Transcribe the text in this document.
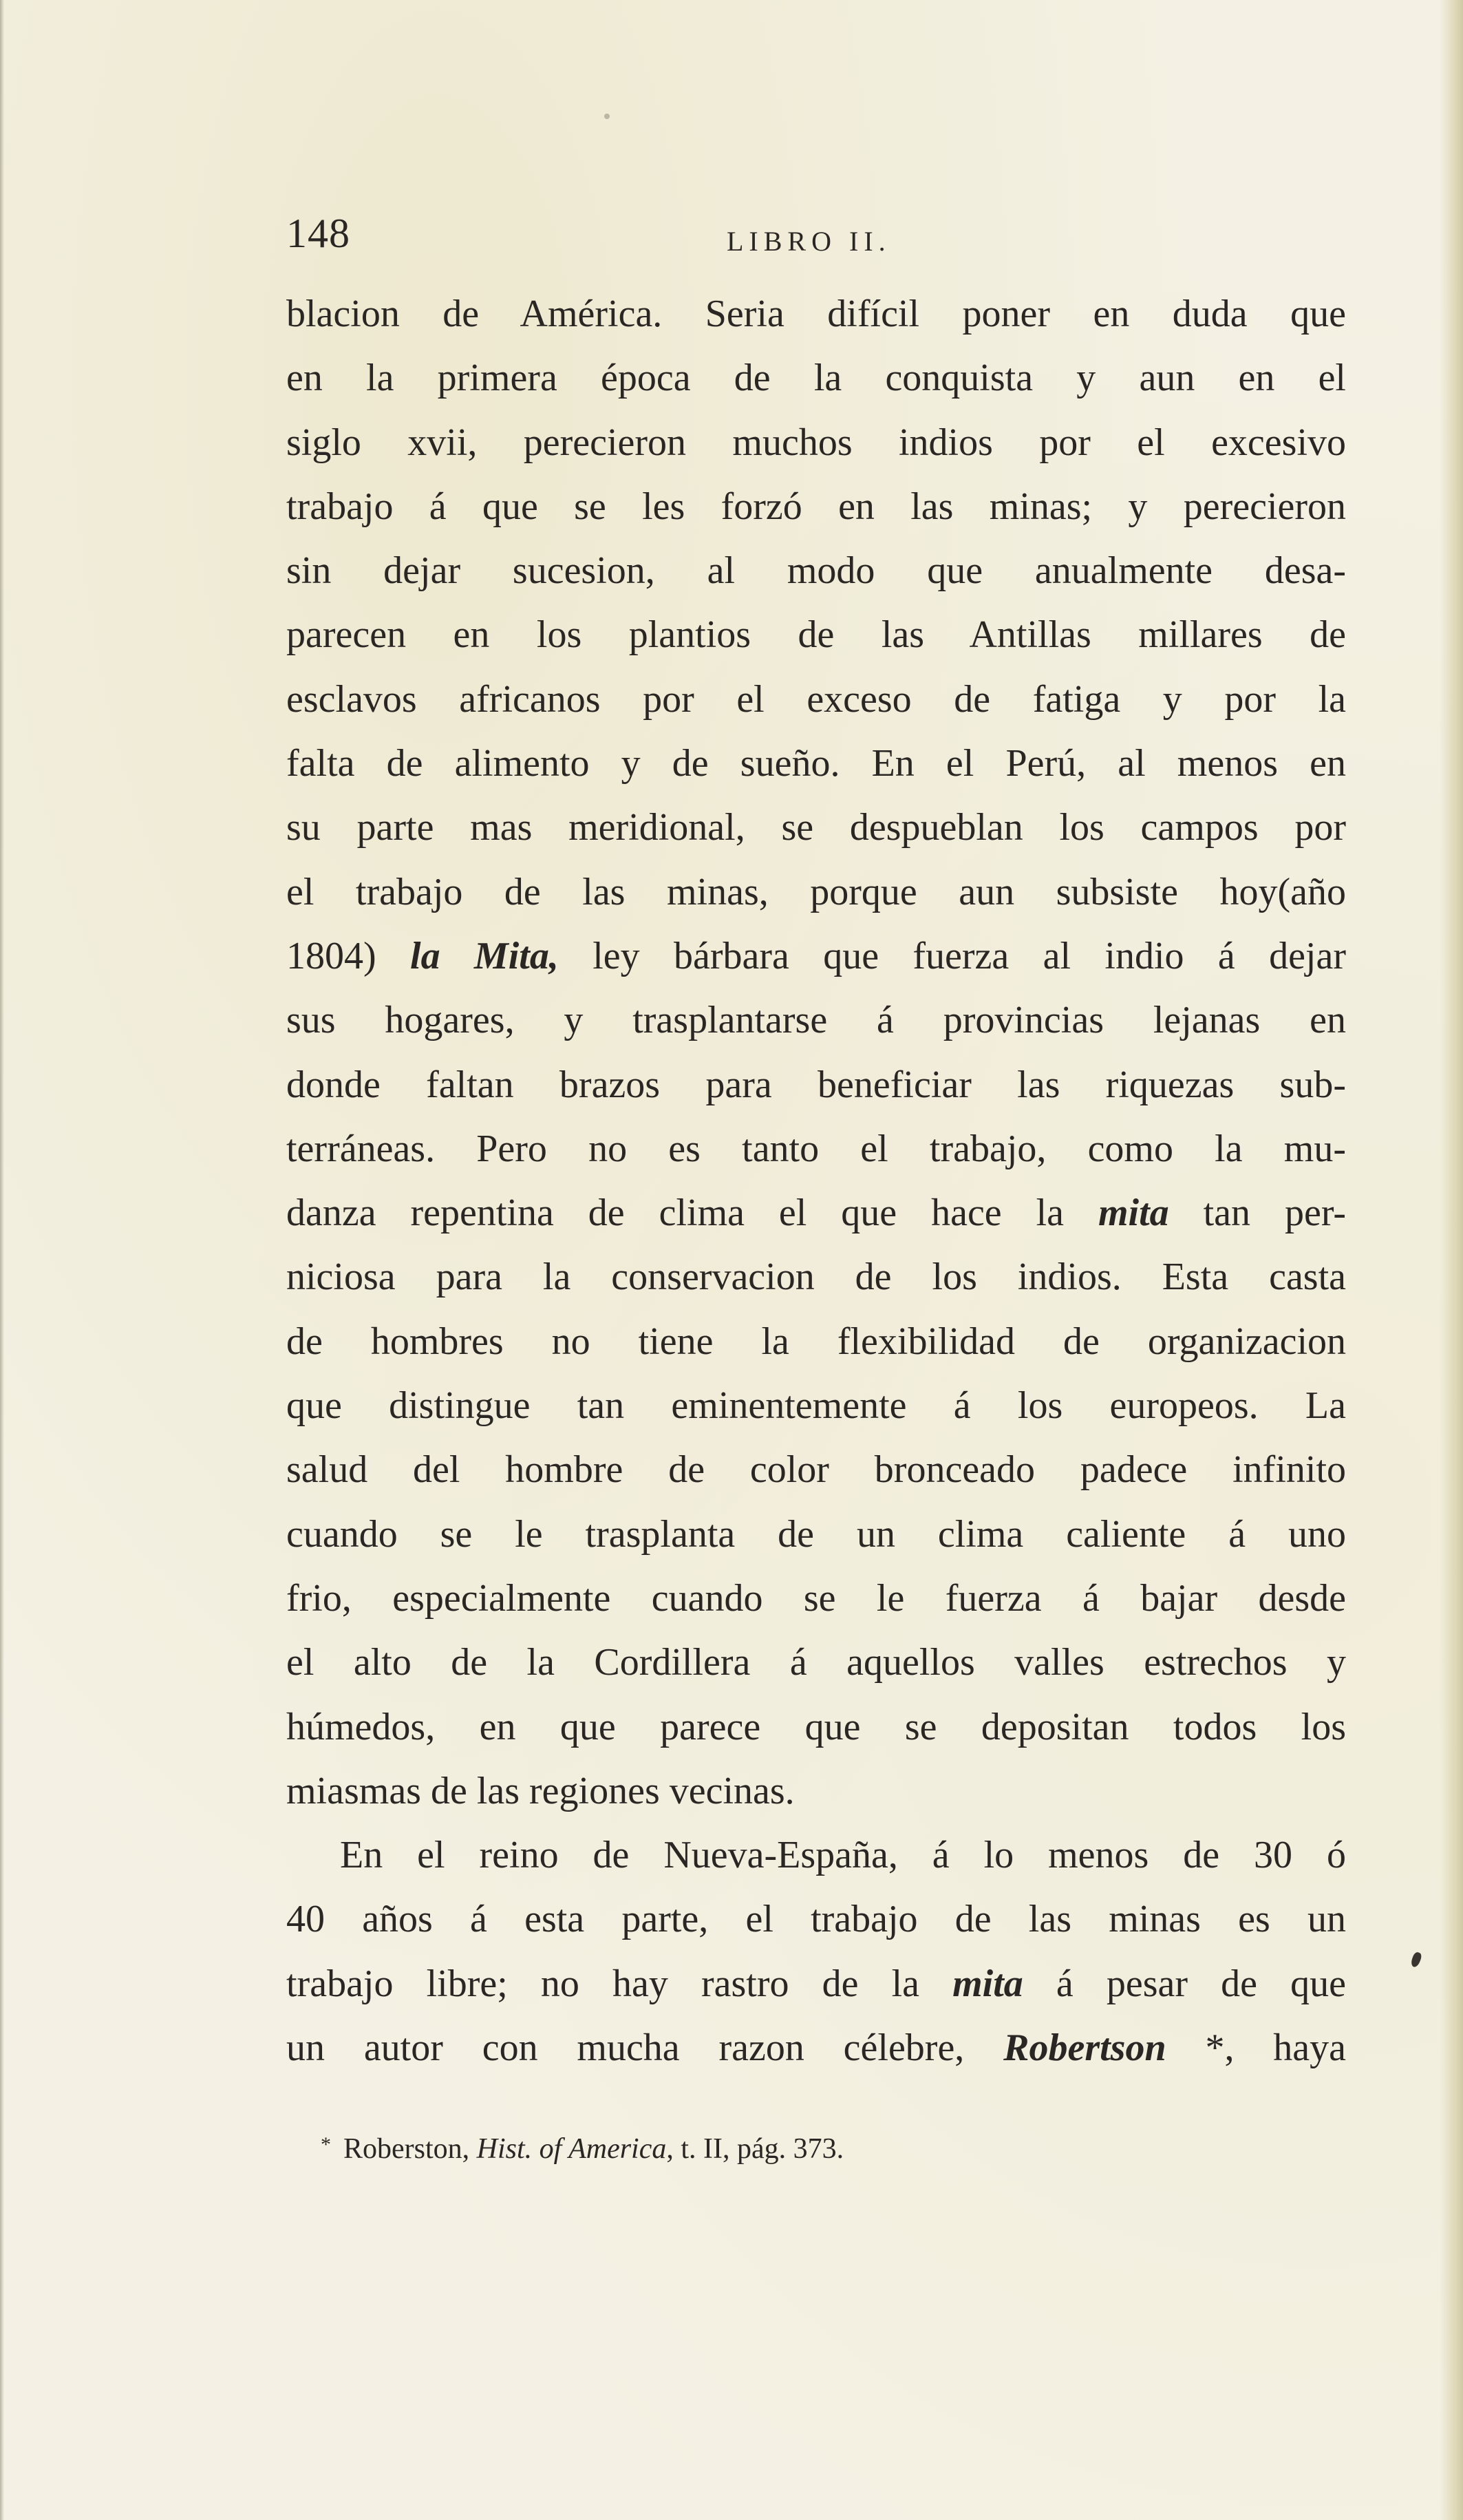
148	LIBRO II.
blacion de América. Seria difícil poner en duda que
en la primera época de la conquista y aun en el
siglo xvii, perecieron muchos indios por el excesivo
trabajo á que se les forzó en las minas; y perecieron
sin dejar sucesion, al modo que anualmente desa-
parecen en los plantios de las Antillas millares de
esclavos africanos por el exceso de fatiga y por la
falta de alimento y de sueño. En el Perú, al menos en
su parte mas meridional, se despueblan los campos por
el trabajo de las minas, porque aun subsiste hoy(año
1804) la Mita, ley bárbara que fuerza al indio á dejar
sus hogares, y trasplantarse á provincias lejanas en
donde faltan brazos para beneficiar las riquezas sub-
terráneas. Pero no es tanto el trabajo, como la mu-
danza repentina de clima el que hace la mita tan per-
niciosa para la conservacion de los indios. Esta casta
de hombres no tiene la flexibilidad de organizacion
que distingue tan eminentemente á los europeos. La
salud del hombre de color bronceado padece infinito
cuando se le trasplanta de un clima caliente á uno
frio, especialmente cuando se le fuerza á bajar desde
el alto de la Cordillera á aquellos valles estrechos y
húmedos, en que parece que se depositan todos los
miasmas de las regiones vecinas.
En el reino de Nueva-España, á lo menos de 30 ó
40 años á esta parte, el trabajo de las minas es un
trabajo libre; no hay rastro de la mita á pesar de que
un autor con mucha razon célebre, Robertson *, haya
* Roberston, Hist. of America, t. II, pág. 373.
